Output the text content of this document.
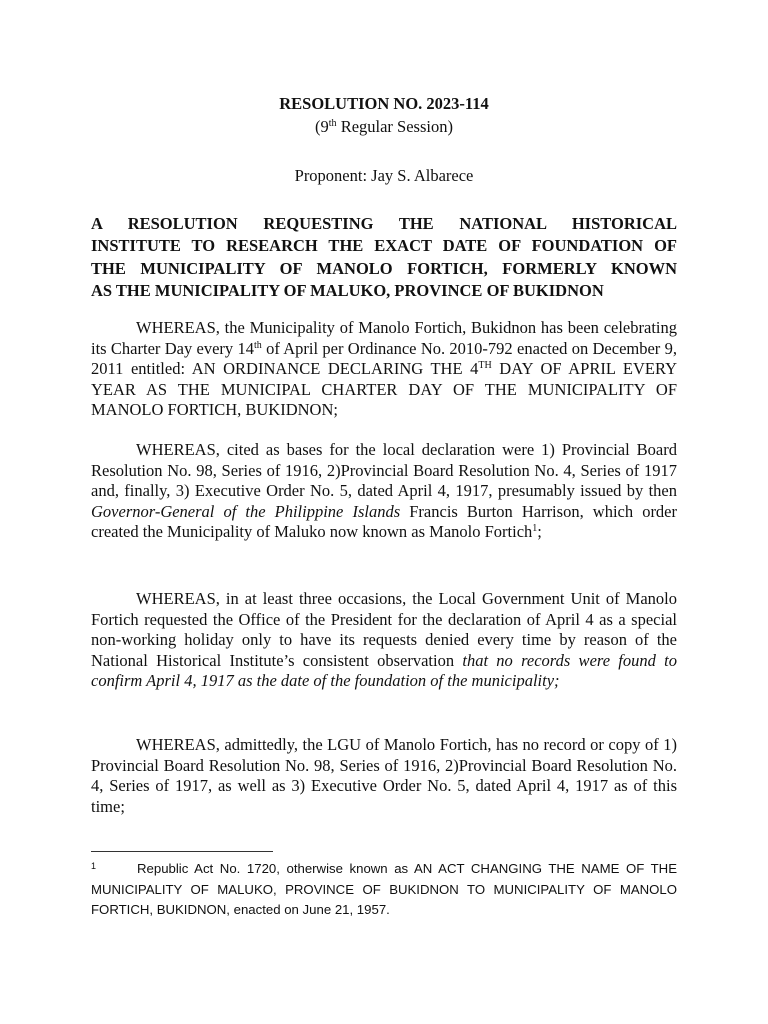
RESOLUTION NO. 2023-114
(9th Regular Session)
Proponent: Jay S. Albarece
A RESOLUTION REQUESTING THE NATIONAL HISTORICAL
INSTITUTE TO RESEARCH THE EXACT DATE OF FOUNDATION OF
THE MUNICIPALITY OF MANOLO FORTICH, FORMERLY KNOWN
AS THE MUNICIPALITY OF MALUKO, PROVINCE OF BUKIDNON
WHEREAS, the Municipality of Manolo Fortich, Bukidnon has been celebrating its Charter Day every 14th of April per Ordinance No. 2010-792 enacted on December 9, 2011 entitled: AN ORDINANCE DECLARING THE 4TH DAY OF APRIL EVERY YEAR AS THE MUNICIPAL CHARTER DAY OF THE MUNICIPALITY OF MANOLO FORTICH, BUKIDNON;
WHEREAS, cited as bases for the local declaration were 1) Provincial Board Resolution No. 98, Series of 1916, 2)Provincial Board Resolution No. 4, Series of 1917 and, finally, 3) Executive Order No. 5, dated April 4, 1917, presumably issued by then Governor-General of the Philippine Islands Francis Burton Harrison, which order created the Municipality of Maluko now known as Manolo Fortich$^1$;
WHEREAS, in at least three occasions, the Local Government Unit of Manolo Fortich requested the Office of the President for the declaration of April 4 as a special non-working holiday only to have its requests denied every time by reason of the National Historical Institute’s consistent observation that no records were found to confirm April 4, 1917 as the date of the foundation of the municipality;
WHEREAS, admittedly, the LGU of Manolo Fortich, has no record or copy of 1) Provincial Board Resolution No. 98, Series of 1916, 2)Provincial Board Resolution No. 4, Series of 1917, as well as 3) Executive Order No. 5, dated April 4, 1917 as of this time;
1	Republic Act No. 1720, otherwise known as AN ACT CHANGING THE NAME OF THE MUNICIPALITY OF MALUKO, PROVINCE OF BUKIDNON TO MUNICIPALITY OF MANOLO FORTICH, BUKIDNON, enacted on June 21, 1957.
